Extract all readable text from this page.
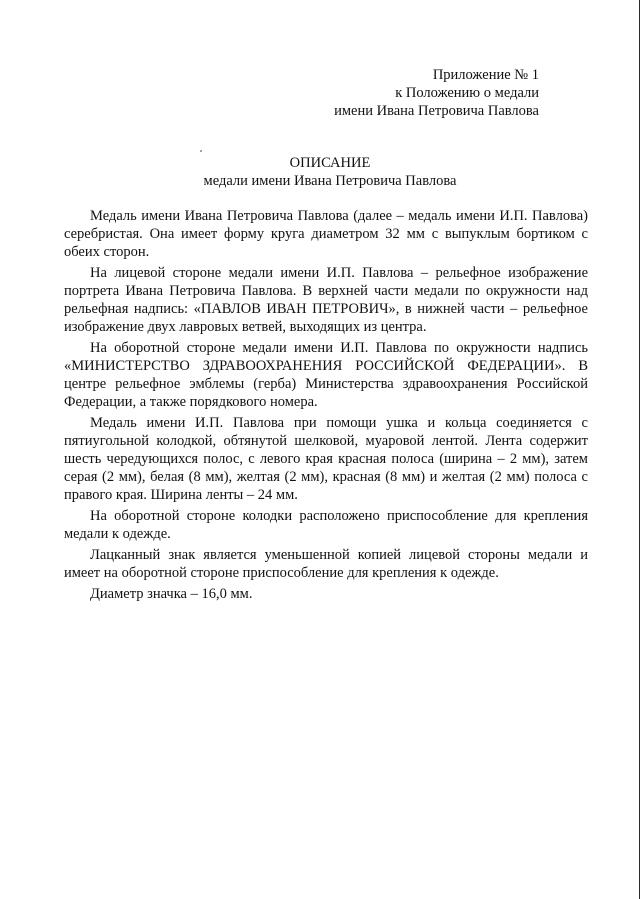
Приложение № 1
к Положению о медали
имени Ивана Петровича Павлова
ОПИСАНИЕ
медали имени Ивана Петровича Павлова

Медаль имени Ивана Петровича Павлова (далее – медаль имени И.П. Павлова) серебристая. Она имеет форму круга диаметром 32 мм с выпуклым бортиком с обеих сторон.

На лицевой стороне медали имени И.П. Павлова – рельефное изображение портрета Ивана Петровича Павлова. В верхней части медали по окружности над рельефная надпись: «ПАВЛОВ ИВАН ПЕТРОВИЧ», в нижней части – рельефное изображение двух лавровых ветвей, выходящих из центра.

На оборотной стороне медали имени И.П. Павлова по окружности надпись «МИНИСТЕРСТВО ЗДРАВООХРАНЕНИЯ РОССИЙСКОЙ ФЕДЕРАЦИИ». В центре рельефное эмблемы (герба) Министерства здравоохранения Российской Федерации, а также порядкового номера.

Медаль имени И.П. Павлова при помощи ушка и кольца соединяется с пятиугольной колодкой, обтянутой шелковой, муаровой лентой. Лента содержит шесть чередующихся полос, с левого края красная полоса (ширина – 2 мм), затем серая (2 мм), белая (8 мм), желтая (2 мм), красная (8 мм) и желтая (2 мм) полоса с правого края. Ширина ленты – 24 мм.

На оборотной стороне колодки расположено приспособление для крепления медали к одежде.

Лацканный знак является уменьшенной копией лицевой стороны медали и имеет на оборотной стороне приспособление для крепления к одежде.

Диаметр значка – 16,0 мм.
